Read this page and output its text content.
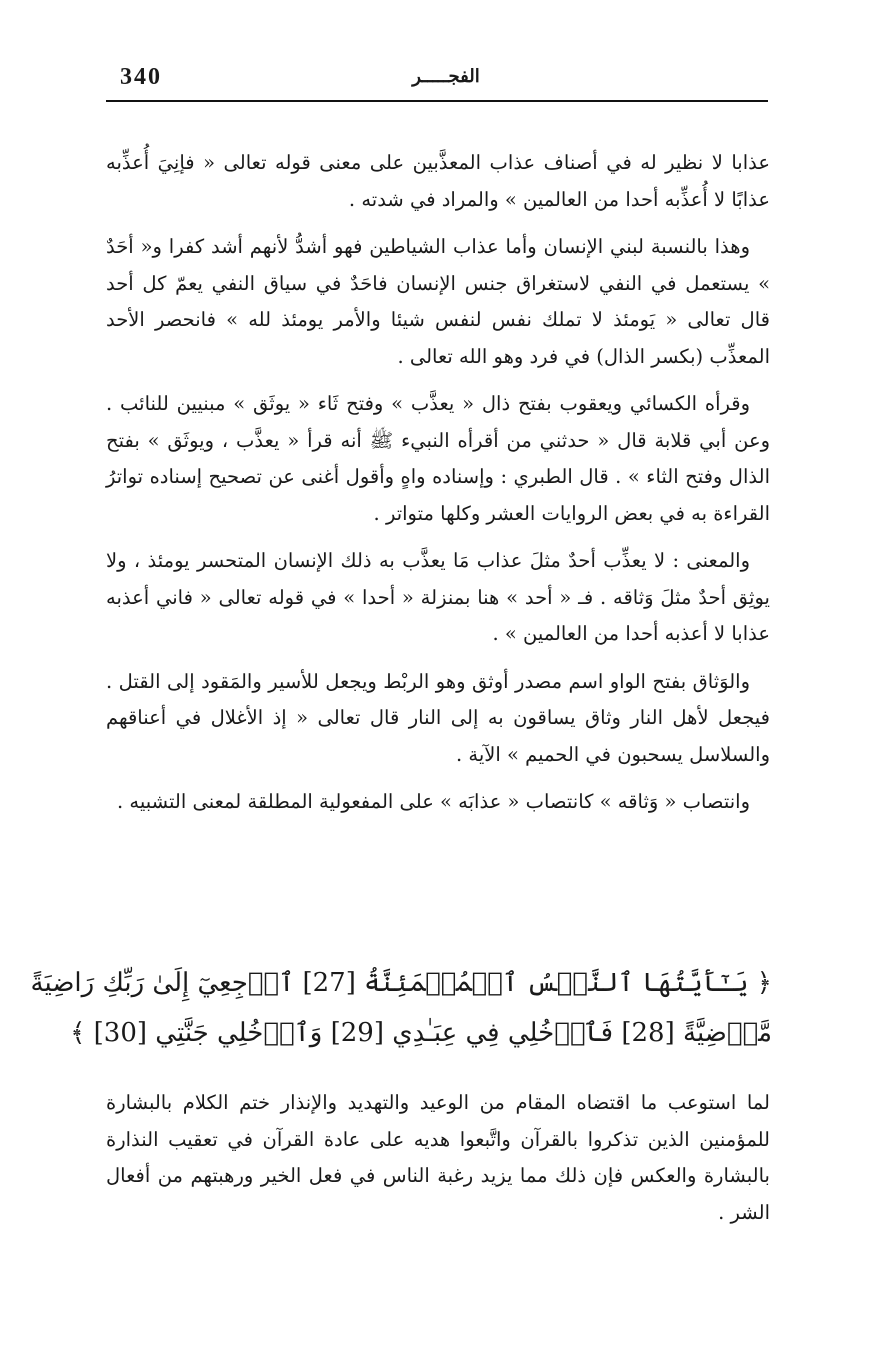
340	الفجـــــر

عذابا لا نظير له في أصناف عذاب المعذَّبين على معنى قوله تعالى « فإنِيَ أُعذِّبه عذابًا لا أُعذِّبه أحدا من العالمين » والمراد في شدته .

وهذا بالنسبة لبني الإنسان وأما عذاب الشياطين فهو أشدُّ لأنهم أشد كفرا و« أحَدٌ » يستعمل في النفي لاستغراق جنس الإنسان فاحَدٌ في سياق النفي يعمّ كل أحد قال تعالى « يَومئذ لا تملك نفس لنفس شيئا والأمر يومئذ لله » فانحصر الأحد المعذِّب (بكسر الذال) في فرد وهو الله تعالى .

وقرأه الكسائي ويعقوب بفتح ذال « يعذَّب » وفتح ثَاء « يوثَق » مبنيين للنائب . وعن أبي قلابة قال « حدثني من أقرأه النبيء ﷺ أنه قرأ « يعذَّب ، ويوثَق » بفتح الذال وفتح الثاء » . قال الطبري : وإسناده واهٍ وأقول أغنى عن تصحيح إسناده تواترُ القراءة به في بعض الروايات العشر وكلها متواتر .

والمعنى : لا يعذِّب أحدٌ مثلَ عذاب مَا يعذَّب به ذلك الإنسان المتحسر يومئذ ، ولا يوثِق أحدٌ مثلَ وَثاقه . فـ « أحد » هنا بمنزلة « أحدا » في قوله تعالى « فاني أعذبه عذابا لا أعذبه أحدا من العالمين » .

والوَثاق بفتح الواو اسم مصدر أوثق وهو الربْط ويجعل للأسير والمَقود إلى القتل . فيجعل لأهل النار وثاق يساقون به إلى النار قال تعالى « إذ الأغلال في أعناقهم والسلاسل يسحبون في الحميم » الآية .

وانتصاب « وَثاقه » كانتصاب « عذابَه » على المفعولية المطلقة لمعنى التشبيه .

﴿ يَـٰٓأَيَّتُهَا ٱلنَّفۡسُ ٱلۡمُطۡمَئِنَّةُ [27] ٱرۡجِعِيٓ إِلَىٰ رَبِّكِ رَاضِيَةً
مَّرۡضِيَّةً [28] فَٱدۡخُلِي فِي عِبَـٰدِي [29] وَٱدۡخُلِي جَنَّتِي [30] ﴾

لما استوعب ما اقتضاه المقام من الوعيد والتهديد والإنذار ختم الكلام بالبشارة للمؤمنين الذين تذكروا بالقرآن واتَّبعوا هديه على عادة القرآن في تعقيب النذارة بالبشارة والعكس فإن ذلك مما يزيد رغبة الناس في فعل الخير ورهبتهم من أفعال الشر .
